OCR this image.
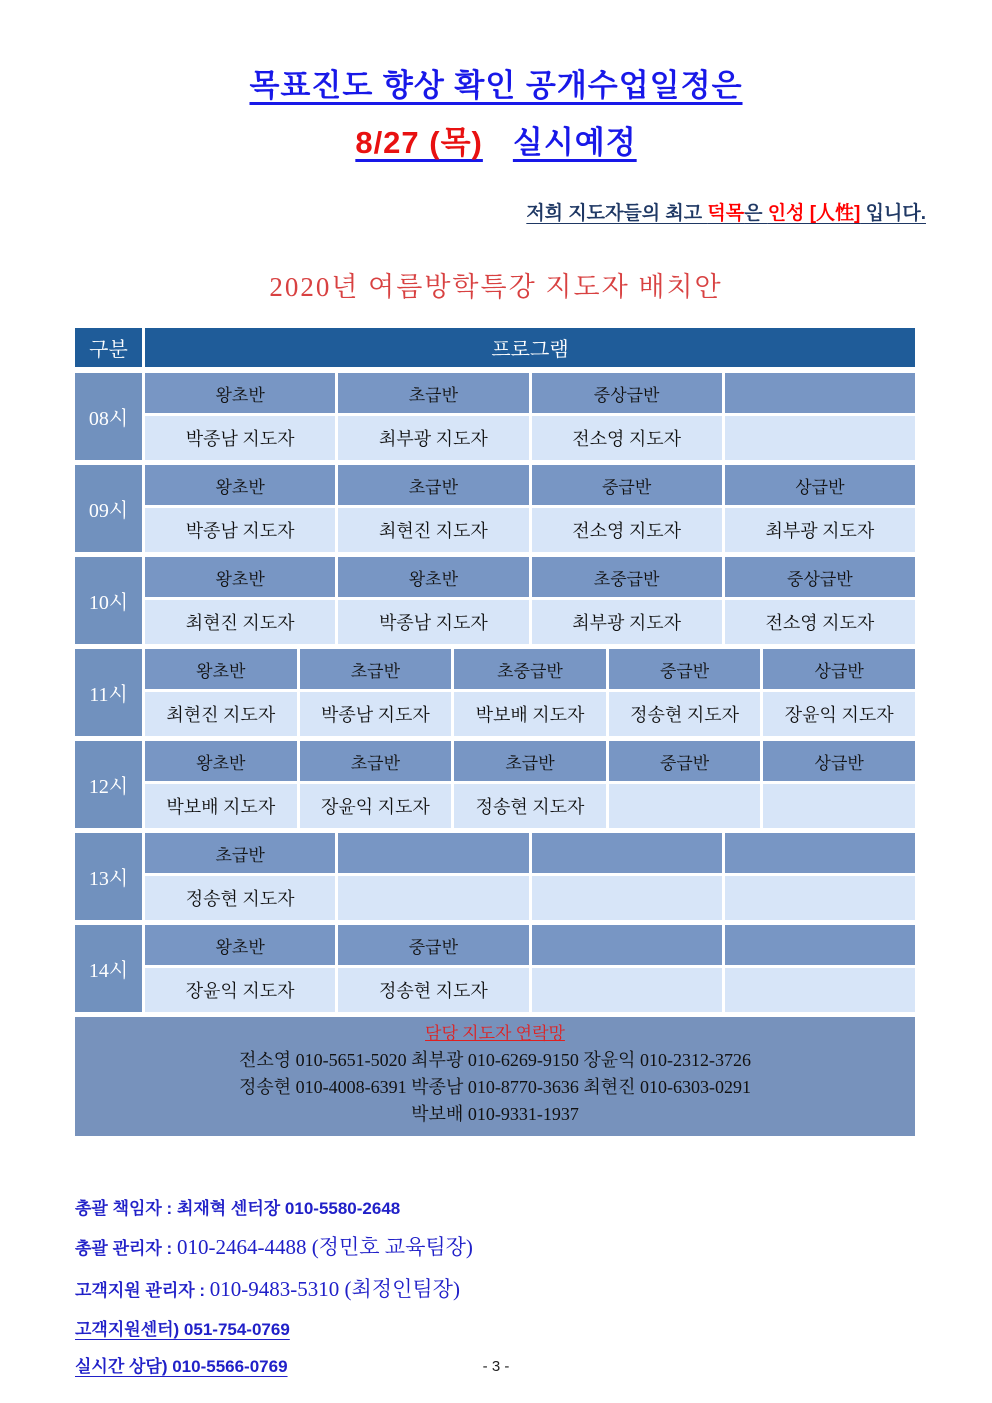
목표진도 향상 확인 공개수업일정은
8/27 (목) 실시예정
저희 지도자들의 최고 덕목은 인성 [人性] 입니다.
2020년 여름방학특강 지도자 배치안
구분	프로그램
08시
왕초반	초급반	중상급반
박종남 지도자	최부광 지도자	전소영 지도자
09시
왕초반	초급반	중급반	상급반
박종남 지도자	최현진 지도자	전소영 지도자	최부광 지도자
10시
왕초반	왕초반	초중급반	중상급반
최현진 지도자	박종남 지도자	최부광 지도자	전소영 지도자
11시
왕초반	초급반	초중급반	중급반	상급반
최현진 지도자	박종남 지도자	박보배 지도자	정송현 지도자	장윤익 지도자
12시
왕초반	초급반	초급반	중급반	상급반
박보배 지도자	장윤익 지도자	정송현 지도자
13시
초급반
정송현 지도자
14시
왕초반	중급반
장윤익 지도자	정송현 지도자
담당 지도자 연락망
전소영 010-5651-5020 최부광 010-6269-9150 장윤익 010-2312-3726
정송현 010-4008-6391 박종남 010-8770-3636 최현진 010-6303-0291
박보배 010-9331-1937
총괄 책임자 : 최재혁 센터장 010-5580-2648
총괄 관리자 : 010-2464-4488 (정민호 교육팀장)
고객지원 관리자 : 010-9483-5310 (최정인팀장)
고객지원센터) 051-754-0769
실시간 상담) 010-5566-0769	- 3 -
